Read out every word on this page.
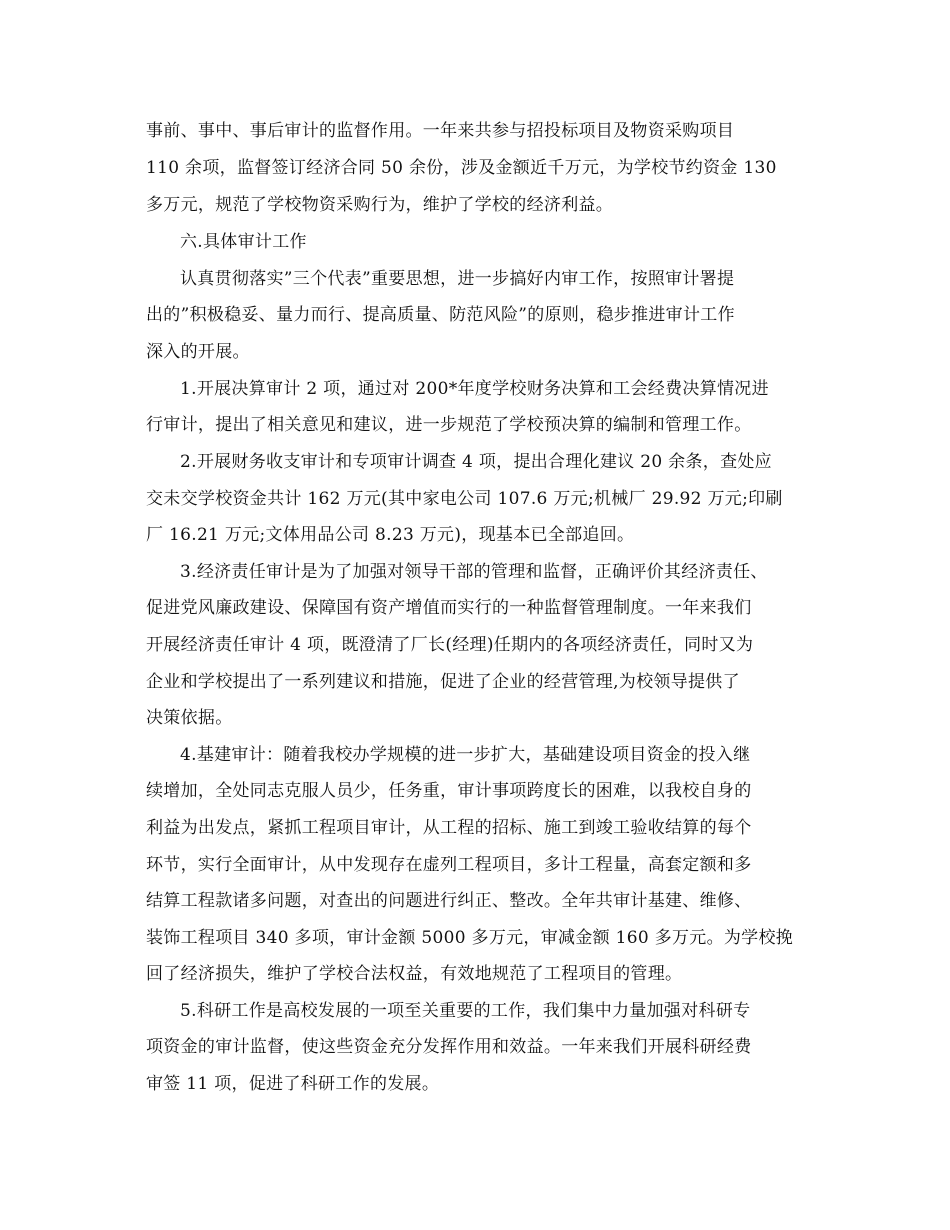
事前、事中、事后审计的监督作用。一年来共参与招投标项目及物资采购项目
110 余项，监督签订经济合同 50 余份，涉及金额近千万元，为学校节约资金 130
多万元，规范了学校物资采购行为，维护了学校的经济利益。
六.具体审计工作
认真贯彻落实”三个代表”重要思想，进一步搞好内审工作，按照审计署提
出的”积极稳妥、量力而行、提高质量、防范风险”的原则，稳步推进审计工作
深入的开展。
1.开展决算审计 2 项，通过对 200*年度学校财务决算和工会经费决算情况进
行审计，提出了相关意见和建议，进一步规范了学校预决算的编制和管理工作。
2.开展财务收支审计和专项审计调查 4 项，提出合理化建议 20 余条，查处应
交未交学校资金共计 162 万元(其中家电公司 107.6 万元;机械厂 29.92 万元;印刷
厂 16.21 万元;文体用品公司 8.23 万元)，现基本已全部追回。
3.经济责任审计是为了加强对领导干部的管理和监督，正确评价其经济责任、
促进党风廉政建设、保障国有资产增值而实行的一种监督管理制度。一年来我们
开展经济责任审计 4 项，既澄清了厂长(经理)任期内的各项经济责任，同时又为
企业和学校提出了一系列建议和措施，促进了企业的经营管理,为校领导提供了
决策依据。
4.基建审计：随着我校办学规模的进一步扩大，基础建设项目资金的投入继
续增加，全处同志克服人员少，任务重，审计事项跨度长的困难，以我校自身的
利益为出发点，紧抓工程项目审计，从工程的招标、施工到竣工验收结算的每个
环节，实行全面审计，从中发现存在虚列工程项目，多计工程量，高套定额和多
结算工程款诸多问题，对查出的问题进行纠正、整改。全年共审计基建、维修、
装饰工程项目 340 多项，审计金额 5000 多万元，审减金额 160 多万元。为学校挽
回了经济损失，维护了学校合法权益，有效地规范了工程项目的管理。
5.科研工作是高校发展的一项至关重要的工作，我们集中力量加强对科研专
项资金的审计监督，使这些资金充分发挥作用和效益。一年来我们开展科研经费
审签 11 项，促进了科研工作的发展。
